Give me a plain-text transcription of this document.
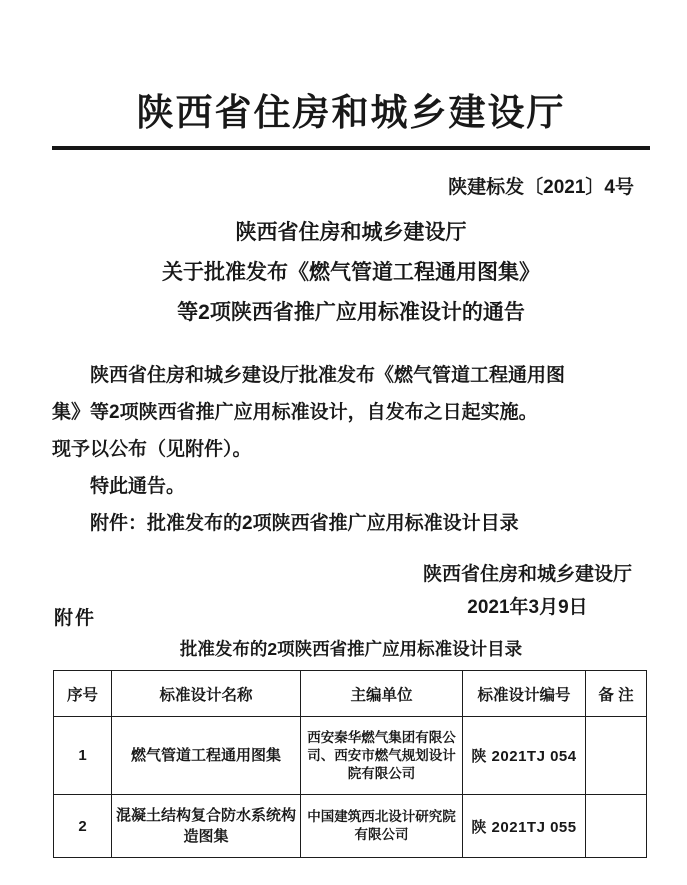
陕西省住房和城乡建设厅
陕建标发〔2021〕4号
陕西省住房和城乡建设厅
关于批准发布《燃气管道工程通用图集》
等2项陕西省推广应用标准设计的通告
陕西省住房和城乡建设厅批准发布《燃气管道工程通用图
集》等2项陕西省推广应用标准设计，自发布之日起实施。
现予以公布（见附件）。
特此通告。
附件：批准发布的2项陕西省推广应用标准设计目录
陕西省住房和城乡建设厅
2021年3月9日
附件
批准发布的2项陕西省推广应用标准设计目录
序号	标准设计名称	主编单位	标准设计编号	备 注
1	燃气管道工程通用图集	西安秦华燃气集团有限公司、西安市燃气规划设计院有限公司	陕 2021TJ 054	
2	混凝土结构复合防水系统构造图集	中国建筑西北设计研究院有限公司	陕 2021TJ 055	
